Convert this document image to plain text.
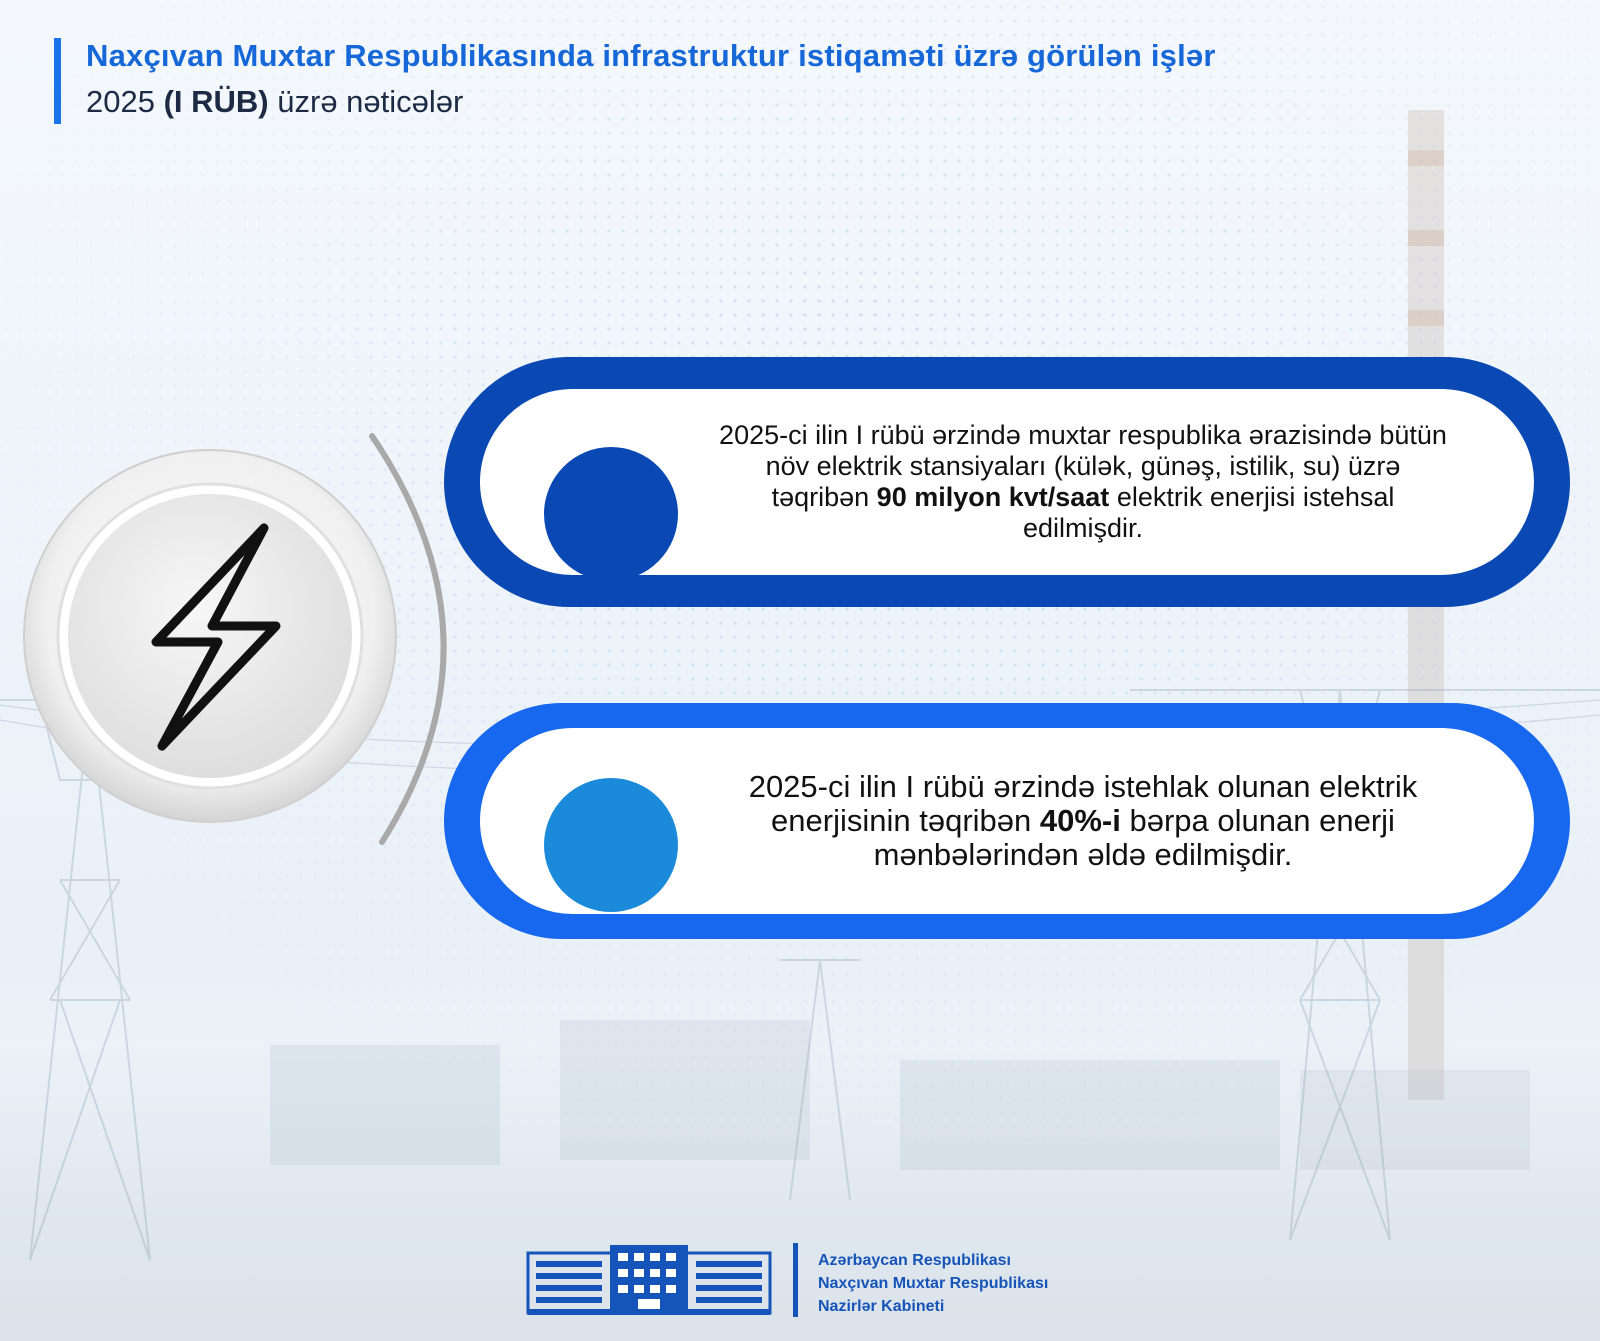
Naxçıvan Muxtar Respublikasında infrastruktur istiqaməti üzrə görülən işlər
2025 (I RÜB) üzrə nəticələr

2025-ci ilin I rübü ərzində muxtar respublika ərazisində bütün növ elektrik stansiyaları (külək, günəş, istilik, su) üzrə təqribən 90 milyon kvt/saat elektrik enerjisi istehsal edilmişdir.

2025-ci ilin I rübü ərzində istehlak olunan elektrik enerjisinin təqribən 40%-i bərpa olunan enerji mənbələrindən əldə edilmişdir.

Azərbaycan Respublikası
Naxçıvan Muxtar Respublikası
Nazirlər Kabineti
